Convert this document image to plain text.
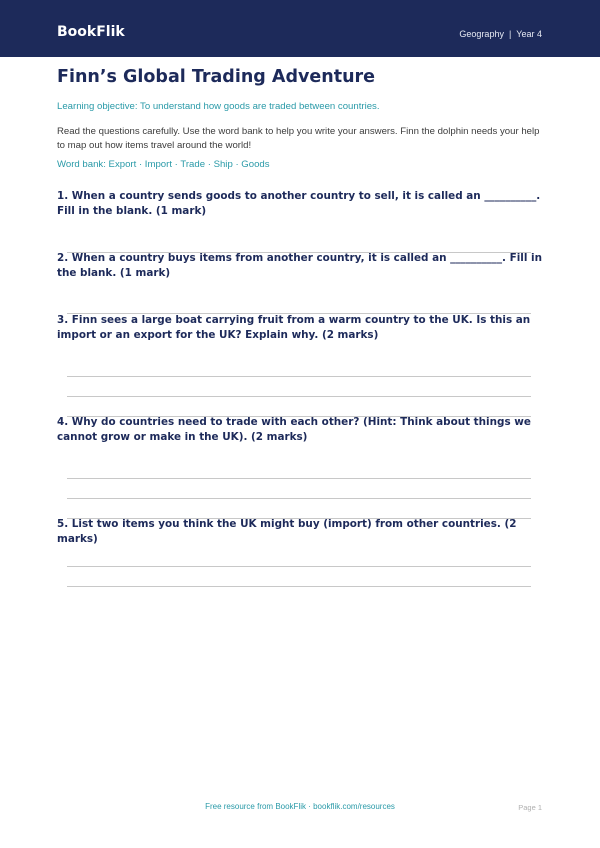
BookFlik	Geography | Year 4
Finn’s Global Trading Adventure
Learning objective: To understand how goods are traded between countries.
Read the questions carefully. Use the word bank to help you write your answers. Finn the dolphin needs your help to map out how items travel around the world!
Word bank: Export · Import · Trade · Ship · Goods
1. When a country sends goods to another country to sell, it is called an __________. Fill in the blank. (1 mark)
2. When a country buys items from another country, it is called an __________. Fill in the blank. (1 mark)
3. Finn sees a large boat carrying fruit from a warm country to the UK. Is this an import or an export for the UK? Explain why. (2 marks)
4. Why do countries need to trade with each other? (Hint: Think about things we cannot grow or make in the UK). (2 marks)
5. List two items you think the UK might buy (import) from other countries. (2 marks)
Free resource from BookFlik · bookflik.com/resources	Page 1
